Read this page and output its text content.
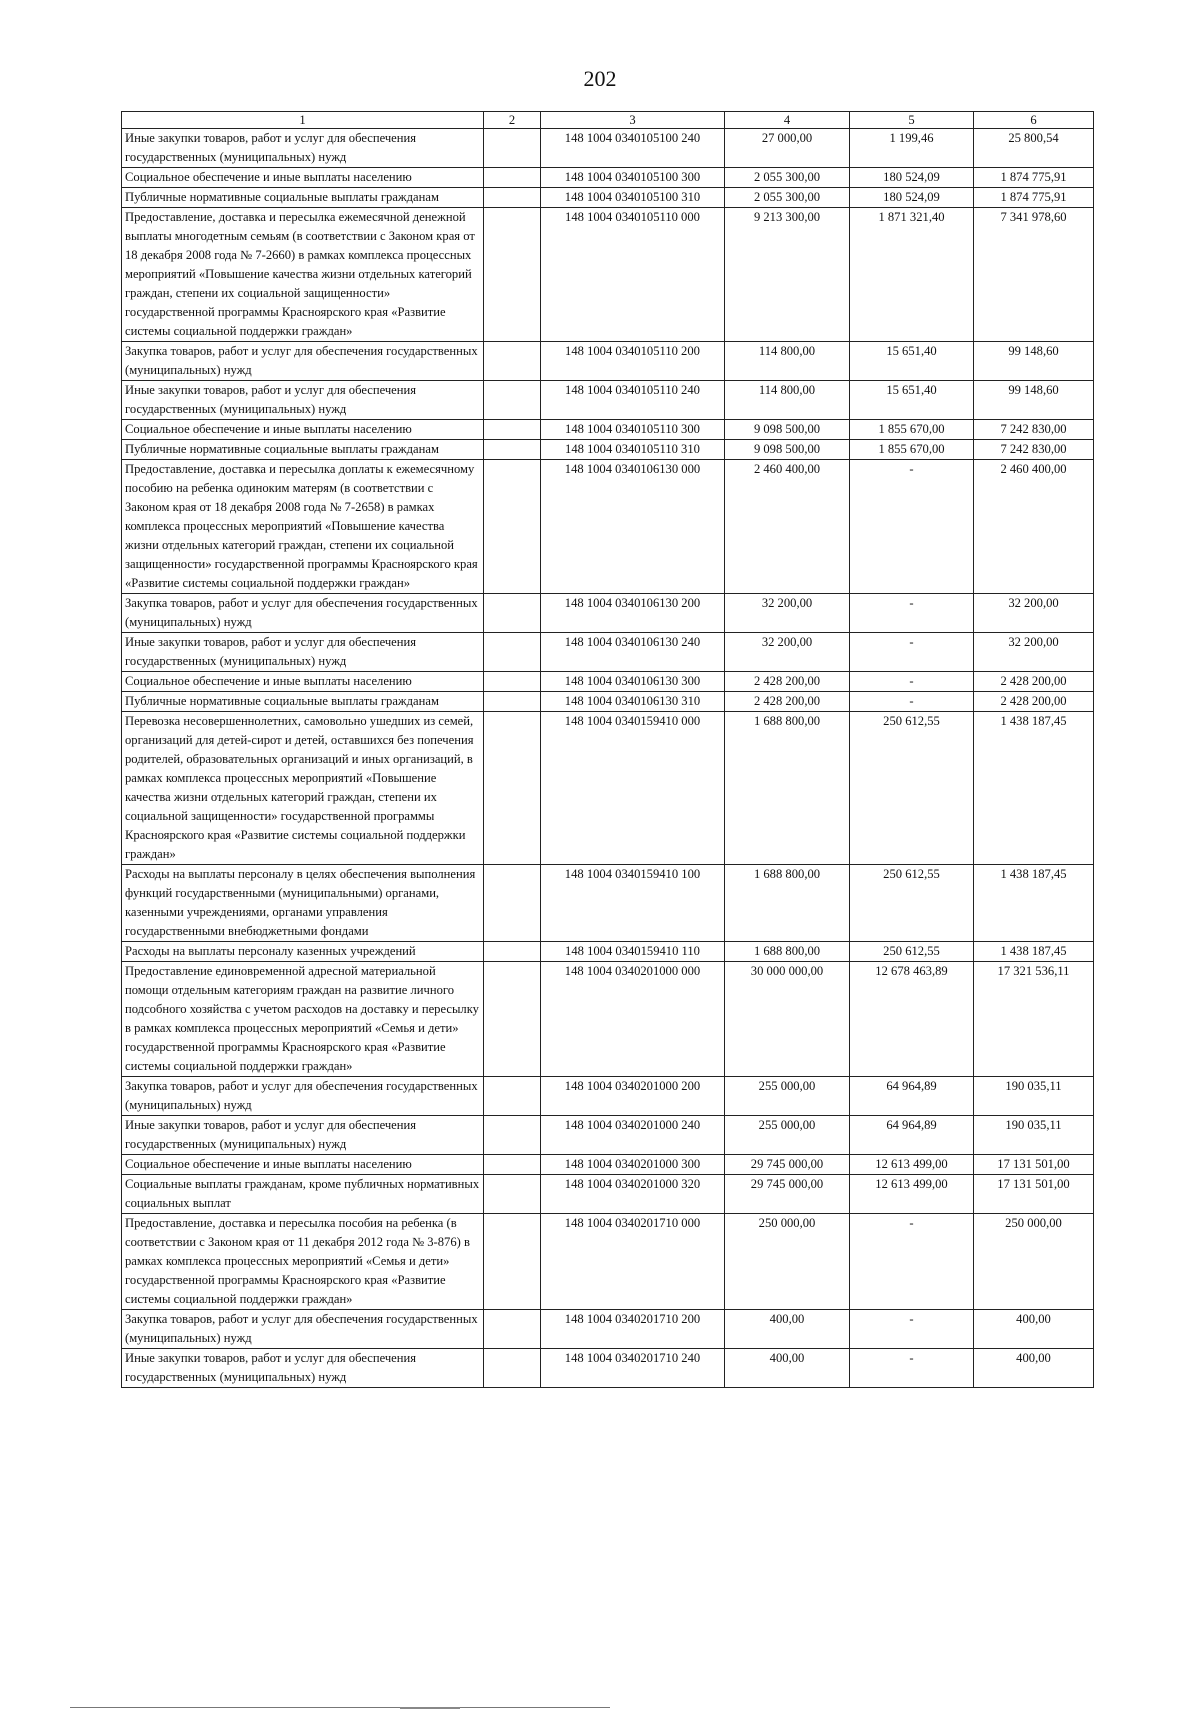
202
1	2	3	4	5	6
Иные закупки товаров, работ и услуг для обеспечения государственных (муниципальных) нужд		148 1004 0340105100 240	27 000,00	1 199,46	25 800,54
Социальное обеспечение и иные выплаты населению		148 1004 0340105100 300	2 055 300,00	180 524,09	1 874 775,91
Публичные нормативные социальные выплаты гражданам		148 1004 0340105100 310	2 055 300,00	180 524,09	1 874 775,91
Предоставление, доставка и пересылка ежемесячной денежной выплаты многодетным семьям (в соответствии с Законом края от 18 декабря 2008 года № 7-2660) в рамках комплекса процессных мероприятий «Повышение качества жизни отдельных категорий граждан, степени их социальной защищенности» государственной программы Красноярского края «Развитие системы социальной поддержки граждан»		148 1004 0340105110 000	9 213 300,00	1 871 321,40	7 341 978,60
Закупка товаров, работ и услуг для обеспечения государственных (муниципальных) нужд		148 1004 0340105110 200	114 800,00	15 651,40	99 148,60
Иные закупки товаров, работ и услуг для обеспечения государственных (муниципальных) нужд		148 1004 0340105110 240	114 800,00	15 651,40	99 148,60
Социальное обеспечение и иные выплаты населению		148 1004 0340105110 300	9 098 500,00	1 855 670,00	7 242 830,00
Публичные нормативные социальные выплаты гражданам		148 1004 0340105110 310	9 098 500,00	1 855 670,00	7 242 830,00
Предоставление, доставка и пересылка доплаты к ежемесячному пособию на ребенка одиноким матерям (в соответствии с Законом края от 18 декабря 2008 года № 7-2658) в рамках комплекса процессных мероприятий «Повышение качества жизни отдельных категорий граждан, степени их социальной защищенности» государственной программы Красноярского края «Развитие системы социальной поддержки граждан»		148 1004 0340106130 000	2 460 400,00	-	2 460 400,00
Закупка товаров, работ и услуг для обеспечения государственных (муниципальных) нужд		148 1004 0340106130 200	32 200,00	-	32 200,00
Иные закупки товаров, работ и услуг для обеспечения государственных (муниципальных) нужд		148 1004 0340106130 240	32 200,00	-	32 200,00
Социальное обеспечение и иные выплаты населению		148 1004 0340106130 300	2 428 200,00	-	2 428 200,00
Публичные нормативные социальные выплаты гражданам		148 1004 0340106130 310	2 428 200,00	-	2 428 200,00
Перевозка несовершеннолетних, самовольно ушедших из семей, организаций для детей-сирот и детей, оставшихся без попечения родителей, образовательных организаций и иных организаций, в рамках комплекса процессных мероприятий «Повышение качества жизни отдельных категорий граждан, степени их социальной защищенности» государственной программы Красноярского края «Развитие системы социальной поддержки граждан»		148 1004 0340159410 000	1 688 800,00	250 612,55	1 438 187,45
Расходы на выплаты персоналу в целях обеспечения выполнения функций государственными (муниципальными) органами, казенными учреждениями, органами управления государственными внебюджетными фондами		148 1004 0340159410 100	1 688 800,00	250 612,55	1 438 187,45
Расходы на выплаты персоналу казенных учреждений		148 1004 0340159410 110	1 688 800,00	250 612,55	1 438 187,45
Предоставление единовременной адресной материальной помощи отдельным категориям граждан на развитие личного подсобного хозяйства с учетом расходов на доставку и пересылку в рамках комплекса процессных мероприятий «Семья и дети» государственной программы Красноярского края «Развитие системы социальной поддержки граждан»		148 1004 0340201000 000	30 000 000,00	12 678 463,89	17 321 536,11
Закупка товаров, работ и услуг для обеспечения государственных (муниципальных) нужд		148 1004 0340201000 200	255 000,00	64 964,89	190 035,11
Иные закупки товаров, работ и услуг для обеспечения государственных (муниципальных) нужд		148 1004 0340201000 240	255 000,00	64 964,89	190 035,11
Социальное обеспечение и иные выплаты населению		148 1004 0340201000 300	29 745 000,00	12 613 499,00	17 131 501,00
Социальные выплаты гражданам, кроме публичных нормативных социальных выплат		148 1004 0340201000 320	29 745 000,00	12 613 499,00	17 131 501,00
Предоставление, доставка и пересылка пособия на ребенка (в соответствии с Законом края от 11 декабря 2012 года № 3-876) в рамках комплекса процессных мероприятий «Семья и дети» государственной программы Красноярского края «Развитие системы социальной поддержки граждан»		148 1004 0340201710 000	250 000,00	-	250 000,00
Закупка товаров, работ и услуг для обеспечения государственных (муниципальных) нужд		148 1004 0340201710 200	400,00	-	400,00
Иные закупки товаров, работ и услуг для обеспечения государственных (муниципальных) нужд		148 1004 0340201710 240	400,00	-	400,00
